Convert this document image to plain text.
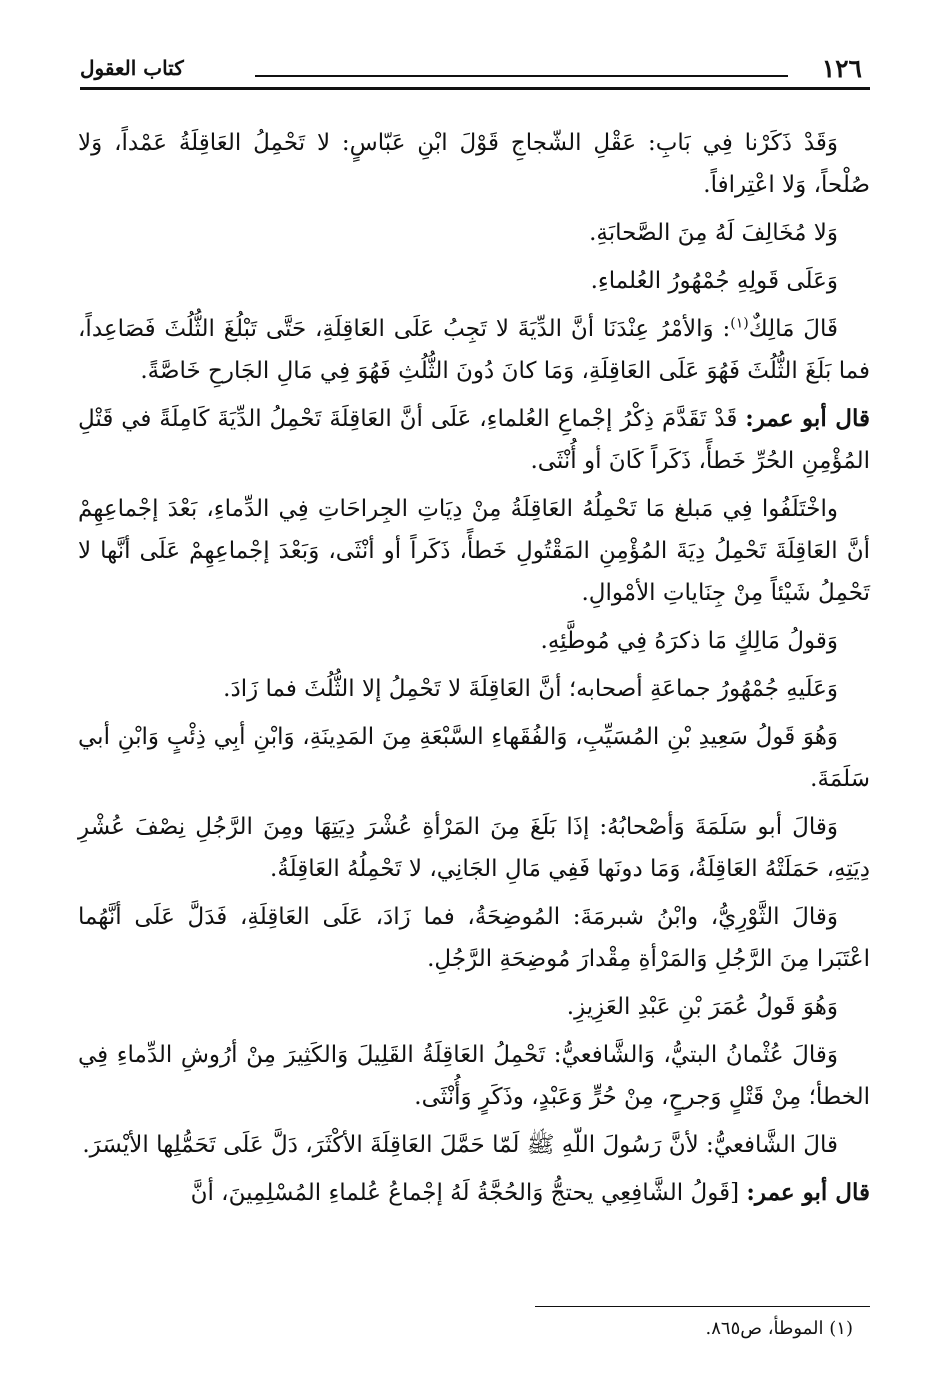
١٢٦
كتاب العقول

وَقَدْ ذَكَرْنا فِي بَابِ: عَقْلِ الشّجاجِ قَوْلَ ابْنِ عَبّاسٍ: لا تَحْمِلُ العَاقِلَةُ عَمْداً، وَلا صُلْحاً، وَلا اعْتِرافاً.

وَلا مُخَالِفَ لَهُ مِنَ الصَّحابَةِ.

وَعَلَى قَولِهِ جُمْهُورُ العُلماءِ.

قَالَ مَالِكٌ$^{(١)}$: وَالأمْرُ عِنْدَنَا أنَّ الدِّيَةَ لا تَجِبُ عَلَى العَاقِلَةِ، حَتَّى تَبْلُغَ الثُّلُثَ فَصَاعِداً، فما بَلَغَ الثُّلُثَ فَهُوَ عَلَى العَاقِلَةِ، وَمَا كانَ دُونَ الثُّلُثِ فَهُوَ فِي مَالِ الجَارحِ خَاصَّةً.

قال أبو عمر: قَدْ تَقَدَّمَ ذِكْرُ إجْماعِ العُلماءِ، عَلَى أنَّ العَاقِلَةَ تَحْمِلُ الدِّيَةَ كَامِلَةً في قَتْلِ المُؤْمِنِ الحُرِّ خَطأً، ذَكَراً كَانَ أو أُنْثَى.

واخْتَلَفُوا فِي مَبلغ مَا تَحْمِلُهُ العَاقِلَةُ مِنْ دِيَاتِ الجِراحَاتِ فِي الدِّماءِ، بَعْدَ إجْماعِهِمْ أنَّ العَاقِلَةَ تَحْمِلُ دِيَةَ المُؤْمِنِ المَقْتُولِ خَطأً، ذَكَراً أو أنْثَى، وَبَعْدَ إجْماعِهِمْ عَلَى أنَّها لا تَحْمِلُ شَيْئاً مِنْ جِنَاياتِ الأمْوالِ.

وَقولُ مَالِكٍ مَا ذكرَهُ فِي مُوطَّئِهِ.

وَعَلَيهِ جُمْهُورُ جماعَةِ أصحابه؛ أنَّ العَاقِلَةَ لا تَحْمِلُ إلا الثُّلُثَ فما زَادَ.

وَهُوَ قَولُ سَعِيدِ بْنِ المُسَيِّبِ، وَالفُقَهاءِ السَّبْعَةِ مِنَ المَدِينَةِ، وَابْنِ أبِي ذِئْبٍ وَابْنِ أبي سَلَمَةَ.

وَقالَ أبو سَلَمَةَ وَأصْحابُهُ: إذَا بَلَغَ مِنَ المَرْأةِ عُشْرَ دِيَتِهَا ومِنَ الرَّجُلِ نِصْفَ عُشْرِ دِيَتِهِ، حَمَلَتْهُ العَاقِلَةُ، وَمَا دونَها فَفِي مَالِ الجَانِي، لا تَحْمِلُهُ العَاقِلَةُ.

وَقالَ الثَّوْرِيُّ، وابْنُ شبرمَةَ: المُوضِحَةُ، فما زَادَ، عَلَى العَاقِلَةِ، فَدَلَّ عَلَى أنَّهُما اعْتَبَرا مِنَ الرَّجُلِ وَالمَرْأةِ مِقْدارَ مُوضِحَةِ الرَّجُلِ.

وَهُوَ قَولُ عُمَرَ بْنِ عَبْدِ العَزِيزِ.

وَقالَ عُثْمانُ البتيُّ، وَالشَّافعيُّ: تَحْمِلُ العَاقِلَةُ القَلِيلَ وَالكَثِيرَ مِنْ أرُوشِ الدِّماءِ فِي الخطأ؛ مِنْ قَتْلٍ وَجرحٍ، مِنْ حُرٍّ وَعَبْدٍ، وذَكَرٍ وَأُنْثَى.

قالَ الشَّافعيُّ: لأنَّ رَسُولَ اللّهِ ﷺ لَمّا حَمَّلَ العَاقِلَةَ الأكْثَرَ، دَلَّ عَلَى تَحَمُّلِها الأيْسَرَ.

قال أبو عمر: [قَولُ الشَّافِعِي يحتجُّ وَالحُجَّةُ لَهُ إجْماعُ عُلماءِ المُسْلِمِينَ، أنَّ

(١) الموطأ، ص٨٦٥.
